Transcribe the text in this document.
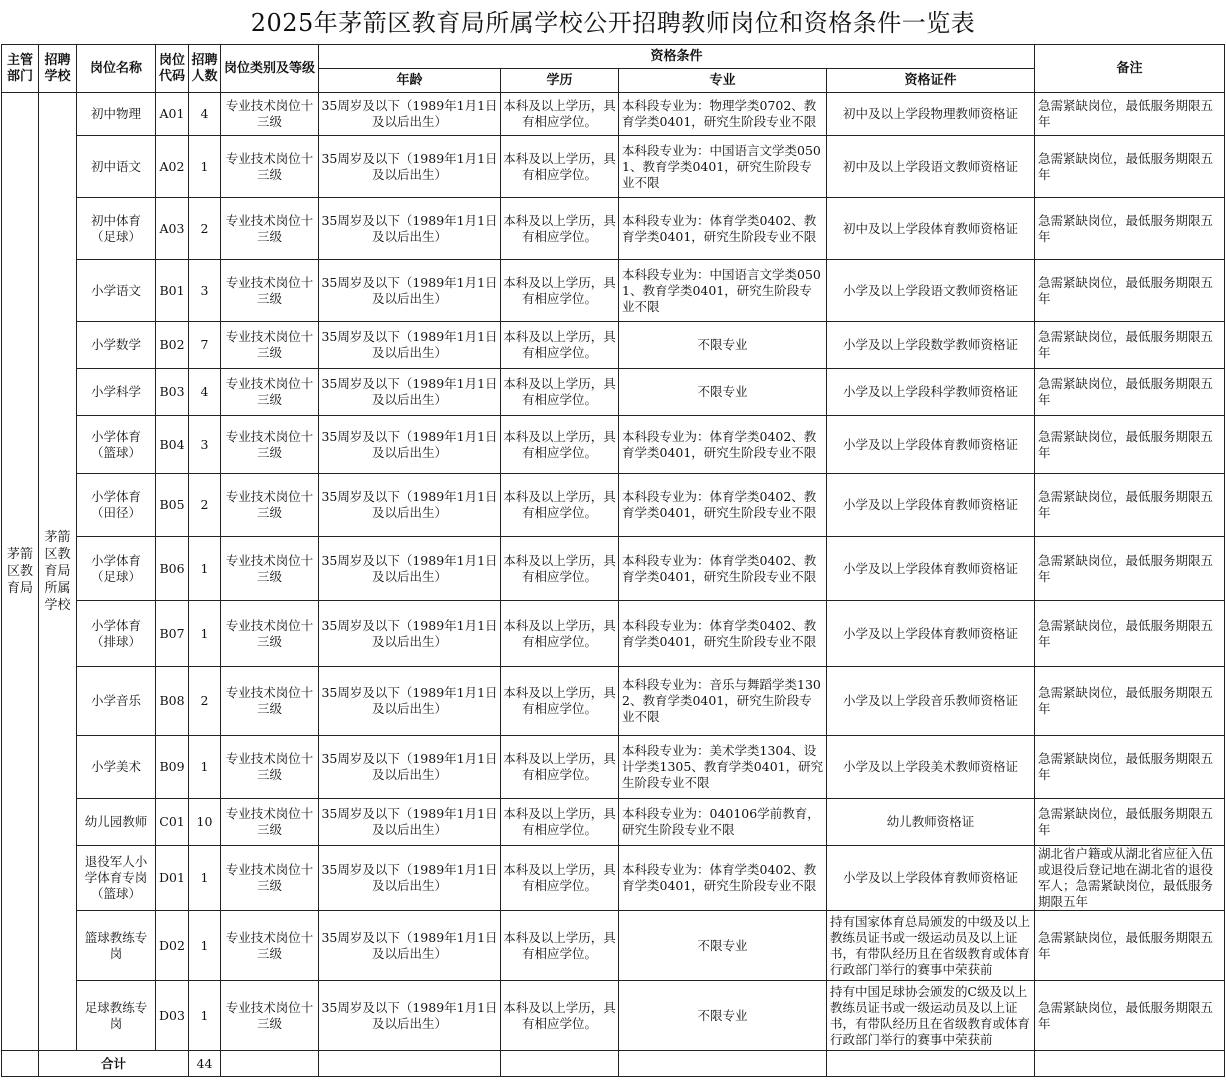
2025年茅箭区教育局所属学校公开招聘教师岗位和资格条件一览表
主管部门	招聘学校	岗位名称	岗位代码	招聘人数	岗位类别及等级	资格条件				备注
						年龄	学历	专业	资格证件	
茅箭区教育局	茅箭区教育局所属学校	初中物理	A01	4	专业技术岗位十三级	35周岁及以下（1989年1月1日及以后出生）	本科及以上学历，具有相应学位。	本科段专业为：物理学类0702、教育学类0401，研究生阶段专业不限	初中及以上学段物理教师资格证	急需紧缺岗位，最低服务期限五年
		初中语文	A02	1	专业技术岗位十三级	35周岁及以下（1989年1月1日及以后出生）	本科及以上学历，具有相应学位。	本科段专业为：中国语言文学类0501、教育学类0401，研究生阶段专业不限	初中及以上学段语文教师资格证	急需紧缺岗位，最低服务期限五年
		初中体育（足球）	A03	2	专业技术岗位十三级	35周岁及以下（1989年1月1日及以后出生）	本科及以上学历，具有相应学位。	本科段专业为：体育学类0402、教育学类0401，研究生阶段专业不限	初中及以上学段体育教师资格证	急需紧缺岗位，最低服务期限五年
		小学语文	B01	3	专业技术岗位十三级	35周岁及以下（1989年1月1日及以后出生）	本科及以上学历，具有相应学位。	本科段专业为：中国语言文学类0501、教育学类0401，研究生阶段专业不限	小学及以上学段语文教师资格证	急需紧缺岗位，最低服务期限五年
		小学数学	B02	7	专业技术岗位十三级	35周岁及以下（1989年1月1日及以后出生）	本科及以上学历，具有相应学位。	不限专业	小学及以上学段数学教师资格证	急需紧缺岗位，最低服务期限五年
		小学科学	B03	4	专业技术岗位十三级	35周岁及以下（1989年1月1日及以后出生）	本科及以上学历，具有相应学位。	不限专业	小学及以上学段科学教师资格证	急需紧缺岗位，最低服务期限五年
		小学体育（篮球）	B04	3	专业技术岗位十三级	35周岁及以下（1989年1月1日及以后出生）	本科及以上学历，具有相应学位。	本科段专业为：体育学类0402、教育学类0401，研究生阶段专业不限	小学及以上学段体育教师资格证	急需紧缺岗位，最低服务期限五年
		小学体育（田径）	B05	2	专业技术岗位十三级	35周岁及以下（1989年1月1日及以后出生）	本科及以上学历，具有相应学位。	本科段专业为：体育学类0402、教育学类0401，研究生阶段专业不限	小学及以上学段体育教师资格证	急需紧缺岗位，最低服务期限五年
		小学体育（足球）	B06	1	专业技术岗位十三级	35周岁及以下（1989年1月1日及以后出生）	本科及以上学历，具有相应学位。	本科段专业为：体育学类0402、教育学类0401，研究生阶段专业不限	小学及以上学段体育教师资格证	急需紧缺岗位，最低服务期限五年
		小学体育（排球）	B07	1	专业技术岗位十三级	35周岁及以下（1989年1月1日及以后出生）	本科及以上学历，具有相应学位。	本科段专业为：体育学类0402、教育学类0401，研究生阶段专业不限	小学及以上学段体育教师资格证	急需紧缺岗位，最低服务期限五年
		小学音乐	B08	2	专业技术岗位十三级	35周岁及以下（1989年1月1日及以后出生）	本科及以上学历，具有相应学位。	本科段专业为：音乐与舞蹈学类1302、教育学类0401，研究生阶段专业不限	小学及以上学段音乐教师资格证	急需紧缺岗位，最低服务期限五年
		小学美术	B09	1	专业技术岗位十三级	35周岁及以下（1989年1月1日及以后出生）	本科及以上学历，具有相应学位。	本科段专业为：美术学类1304、设计学类1305、教育学类0401，研究生阶段专业不限	小学及以上学段美术教师资格证	急需紧缺岗位，最低服务期限五年
		幼儿园教师	C01	10	专业技术岗位十三级	35周岁及以下（1989年1月1日及以后出生）	本科及以上学历，具有相应学位。	本科段专业为：040106学前教育，研究生阶段专业不限	幼儿教师资格证	急需紧缺岗位，最低服务期限五年
		退役军人小学体育专岗（篮球）	D01	1	专业技术岗位十三级	35周岁及以下（1989年1月1日及以后出生）	本科及以上学历，具有相应学位。	本科段专业为：体育学类0402、教育学类0401，研究生阶段专业不限	小学及以上学段体育教师资格证	湖北省户籍或从湖北省应征入伍或退役后登记地在湖北省的退役军人；急需紧缺岗位，最低服务期限五年
		篮球教练专岗	D02	1	专业技术岗位十三级	35周岁及以下（1989年1月1日及以后出生）	本科及以上学历，具有相应学位。	不限专业	持有国家体育总局颁发的中级及以上教练员证书或一级运动员及以上证书，有带队经历且在省级教育或体育行政部门举行的赛事中荣获前	急需紧缺岗位，最低服务期限五年
		足球教练专岗	D03	1	专业技术岗位十三级	35周岁及以下（1989年1月1日及以后出生）	本科及以上学历，具有相应学位。	不限专业	持有中国足球协会颁发的C级及以上教练员证书或一级运动员及以上证书，有带队经历且在省级教育或体育行政部门举行的赛事中荣获前	急需紧缺岗位，最低服务期限五年
	合计			44						
